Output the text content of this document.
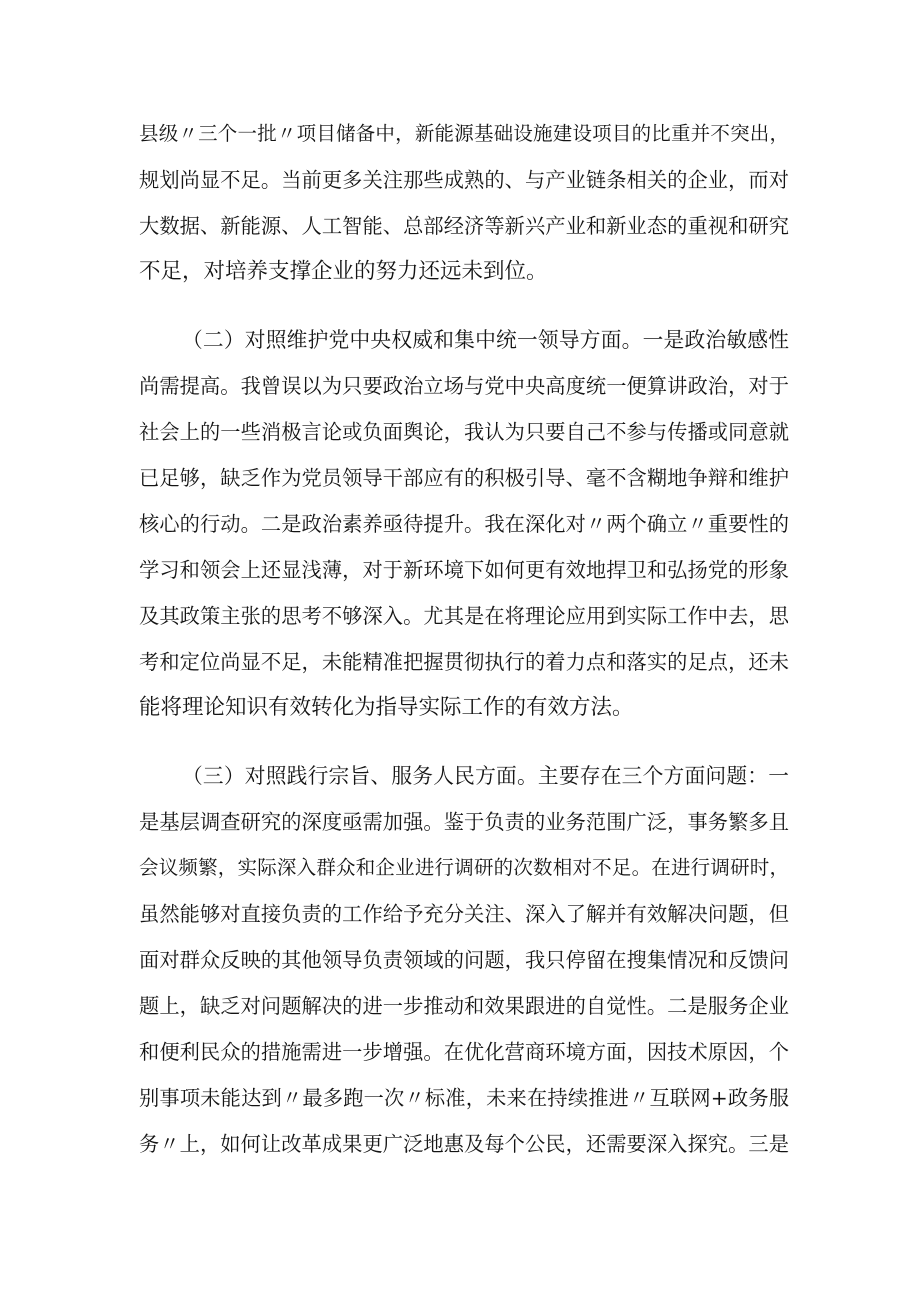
县级〃三个一批〃项目储备中，新能源基础设施建设项目的比重并不突出，
规划尚显不足。当前更多关注那些成熟的、与产业链条相关的企业，而对
大数据、新能源、人工智能、总部经济等新兴产业和新业态的重视和研究
不足，对培养支撑企业的努力还远未到位。
（二）对照维护党中央权威和集中统一领导方面。一是政治敏感性
尚需提高。我曾误以为只要政治立场与党中央高度统一便算讲政治，对于
社会上的一些消极言论或负面舆论，我认为只要自己不参与传播或同意就
已足够，缺乏作为党员领导干部应有的积极引导、毫不含糊地争辩和维护
核心的行动。二是政治素养亟待提升。我在深化对〃两个确立〃重要性的
学习和领会上还显浅薄，对于新环境下如何更有效地捍卫和弘扬党的形象
及其政策主张的思考不够深入。尤其是在将理论应用到实际工作中去，思
考和定位尚显不足，未能精准把握贯彻执行的着力点和落实的足点，还未
能将理论知识有效转化为指导实际工作的有效方法。
（三）对照践行宗旨、服务人民方面。主要存在三个方面问题：一
是基层调查研究的深度亟需加强。鉴于负责的业务范围广泛，事务繁多且
会议频繁，实际深入群众和企业进行调研的次数相对不足。在进行调研时，
虽然能够对直接负责的工作给予充分关注、深入了解并有效解决问题，但
面对群众反映的其他领导负责领域的问题，我只停留在搜集情况和反馈问
题上，缺乏对问题解决的进一步推动和效果跟进的自觉性。二是服务企业
和便利民众的措施需进一步增强。在优化营商环境方面，因技术原因，个
别事项未能达到〃最多跑一次〃标准，未来在持续推进〃互联网+政务服
务〃上，如何让改革成果更广泛地惠及每个公民，还需要深入探究。三是
